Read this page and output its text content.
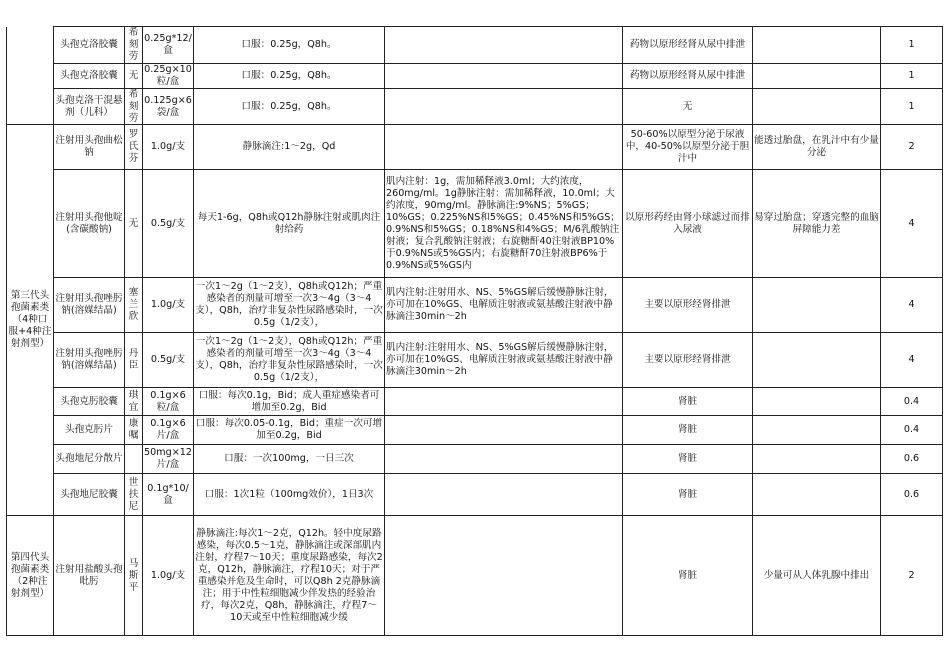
	头孢克洛胶囊	希刻劳	0.25g*12/盒	口服：0.25g，Q8h。		药物以原形经肾从尿中排泄		1

	头孢克洛胶囊	无	0.25g×10粒/盒	口服：0.25g，Q8h。		药物以原形经肾从尿中排泄		1

	头孢克洛干混悬剂（儿科）	希刻劳	0.125g×6袋/盒	口服：0.25g，Q8h。		无		1

第三代头孢菌素类（4种口服+4种注射剂型）	注射用头孢曲松钠	罗氏芬	1.0g/支	静脉滴注:1～2g，Qd		50-60%以原型分泌于尿液中，40-50%以原型分泌于胆汁中	能透过胎盘，在乳汁中有少量分泌	2

	注射用头孢他啶(含碳酸钠)	无	0.5g/支	每天1-6g，Q8h或Q12h静脉注射或肌肉注射给药	肌内注射：1g，需加稀释液3.0ml；大约浓度，260mg/ml。1g静脉注射：需加稀释液，10.0ml；大约浓度，90mg/ml。静脉滴注:9%NS；5%GS；10%GS；0.225%NS和5%GS；0.45%NS和5%GS；0.9%NS和5%GS；0.18%NS和4%GS；M/6乳酸钠注射液；复合乳酸钠注射液；右旋糖酐40注射液BP10%于0.9%NS或5%GS内；右旋糖酐70注射液BP6%于0.9%NS或5%GS内	以原形药经由肾小球滤过而排入尿液	易穿过胎盘；穿透完整的血脑屏障能力差	4

	注射用头孢唑肟钠(溶媒结晶)	塞兰欣	1.0g/支	一次1～2g（1～2支），Q8h或Q12h；严重感染者的剂量可增至一次3～4g（3～4支），Q8h，治疗非复杂性尿路感染时，一次0.5g（1/2支），	肌内注射:注射用水、NS、5%GS解后缓慢静脉注射，亦可加在10%GS、电解质注射液或氨基酸注射液中静脉滴注30min～2h	主要以原形经肾排泄		4

	注射用头孢唑肟钠(溶媒结晶)	丹臣	0.5g/支	一次1～2g（1～2支），Q8h或Q12h；严重感染者的剂量可增至一次3～4g（3～4支），Q8h，治疗非复杂性尿路感染时，一次0.5g（1/2支），	肌内注射:注射用水、NS、5%GS解后缓慢静脉注射，亦可加在10%GS、电解质注射液或氨基酸注射液中静脉滴注30min～2h	主要以原形经肾排泄		4

	头孢克肟胶囊	琪宜	0.1g×6粒/盒	口服：每次0.1g，Bid；成人重症感染者可增加至0.2g，Bid		肾脏		0.4

	头孢克肟片	康嘱	0.1g×6片/盒	口服：每次0.05-0.1g，Bid；重症一次可增加至0.2g，Bid		肾脏		0.4

	头孢地尼分散片		50mg×12片/盒	口服：一次100mg，一日三次		肾脏		0.6

	头孢地尼胶囊	世扶尼	0.1g*10/盒	口服：1次1粒（100mg效价），1日3次		肾脏		0.6

第四代头孢菌素类（2种注射剂型）	注射用盐酸头孢吡肟	马斯平	1.0g/支	静脉滴注:每次1～2克，Q12h。轻中度尿路感染，每次0.5～1克，静脉滴注或深部肌内注射，疗程7～10天；重度尿路感染，每次2克，Q12h，静脉滴注，疗程10天；对于严重感染并危及生命时，可以Q8h 2克静脉滴注；用于中性粒细胞减少伴发热的经验治疗，每次2克，Q8h，静脉滴注，疗程7～10天或至中性粒细胞减少缓		肾脏	少量可从人体乳腺中排出	2
